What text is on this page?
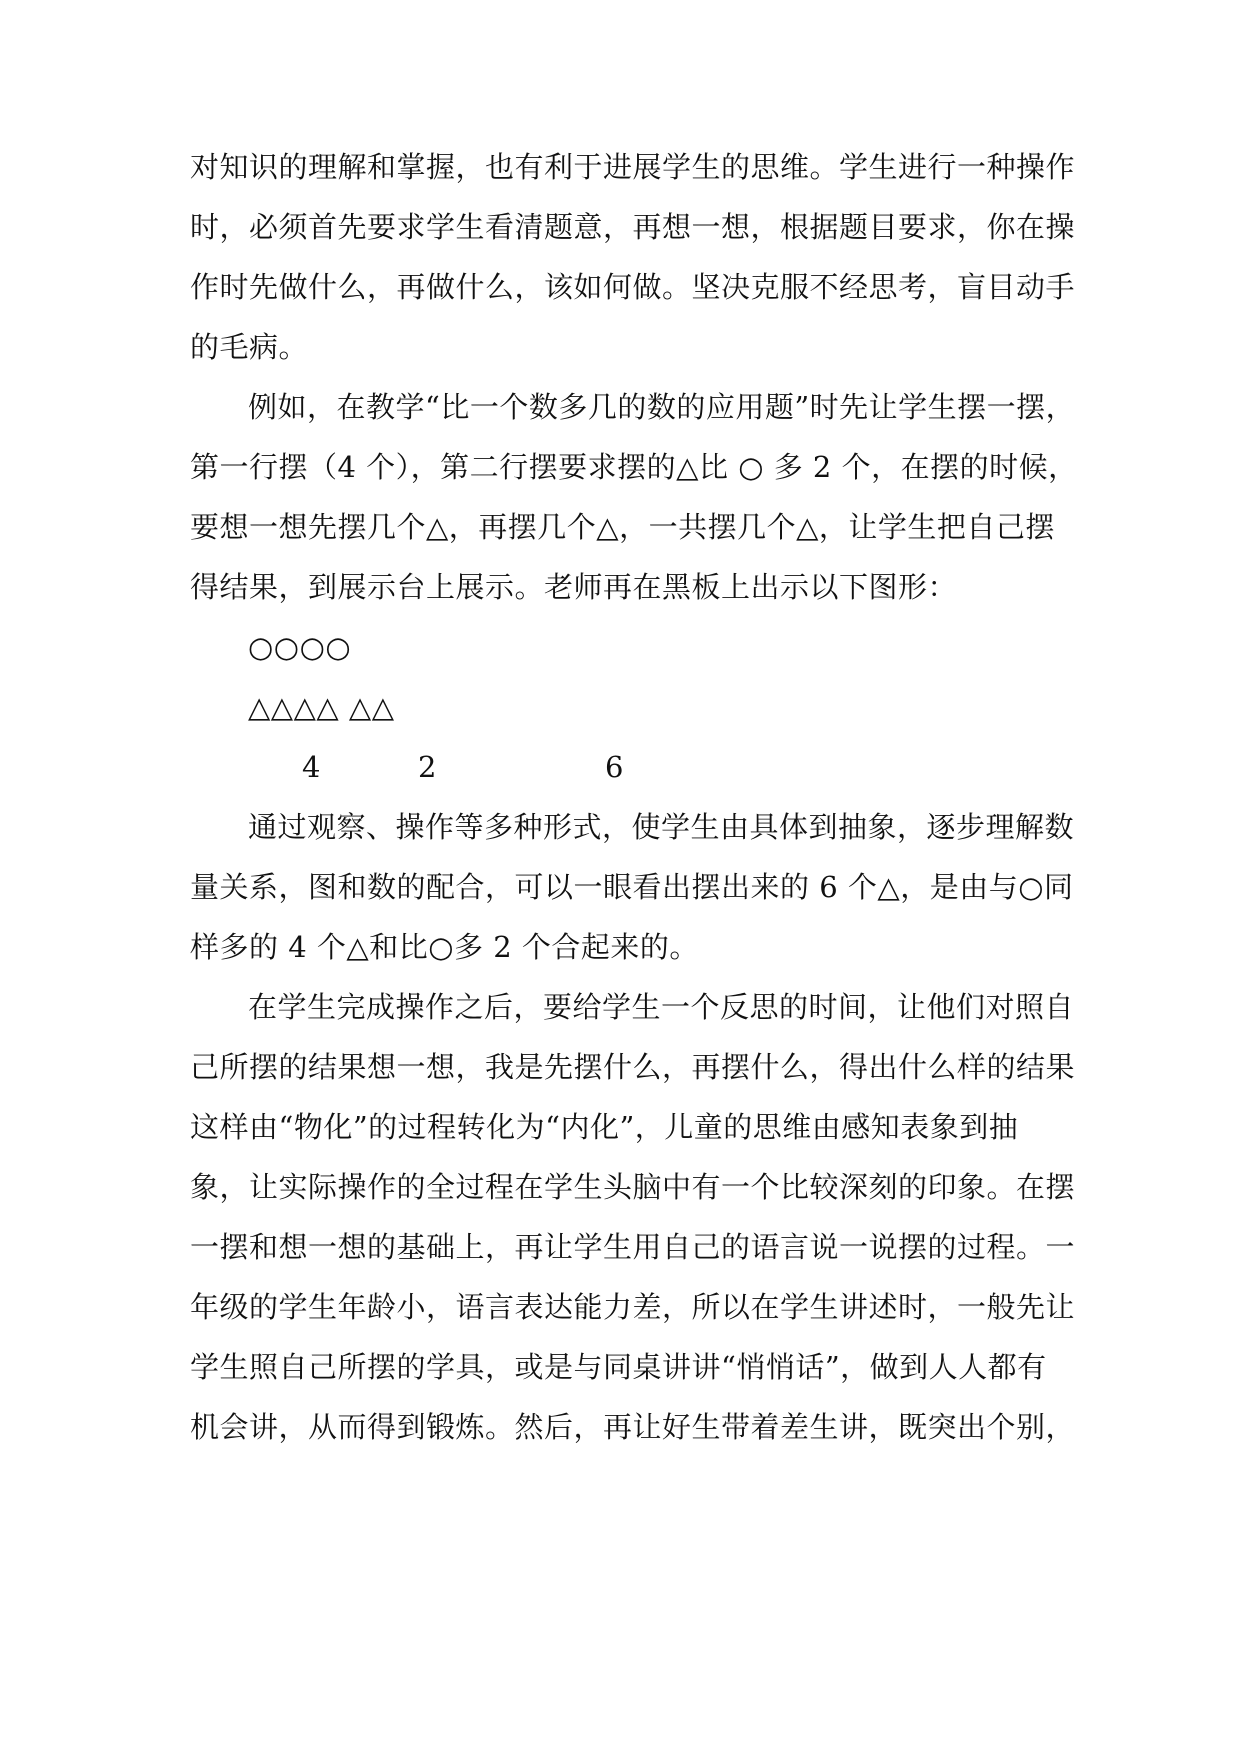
对知识的理解和掌握，也有利于进展学生的思维。学生进行一种操作
时，必须首先要求学生看清题意，再想一想，根据题目要求，你在操
作时先做什么，再做什么，该如何做。坚决克服不经思考，盲目动手
的毛病。
例如，在教学“比一个数多几的数的应用题”时先让学生摆一摆，
第一行摆（4 个），第二行摆要求摆的△比 ○ 多 2 个，在摆的时候，
要想一想先摆几个△，再摆几个△，一共摆几个△，让学生把自己摆
得结果，到展示台上展示。老师再在黑板上出示以下图形：
○○○○
△△△△ △△
4	2	6
通过观察、操作等多种形式，使学生由具体到抽象，逐步理解数
量关系，图和数的配合，可以一眼看出摆出来的 6 个△，是由与○同
样多的 4 个△和比○多 2 个合起来的。
在学生完成操作之后，要给学生一个反思的时间，让他们对照自
己所摆的结果想一想，我是先摆什么，再摆什么，得出什么样的结果
这样由“物化”的过程转化为“内化”，儿童的思维由感知表象到抽
象，让实际操作的全过程在学生头脑中有一个比较深刻的印象。在摆
一摆和想一想的基础上，再让学生用自己的语言说一说摆的过程。一
年级的学生年龄小，语言表达能力差，所以在学生讲述时，一般先让
学生照自己所摆的学具，或是与同桌讲讲“悄悄话”，做到人人都有
机会讲，从而得到锻炼。然后，再让好生带着差生讲，既突出个别，
